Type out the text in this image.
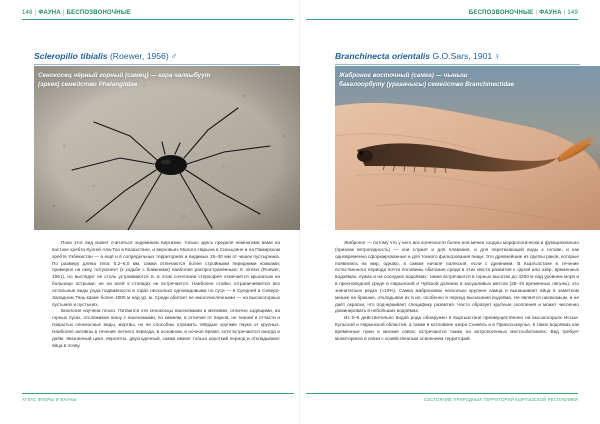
148 | ФАУНА | БЕСПОЗВОНОЧНЫЕ
Scleropilio tibialis (Roewer, 1956) ♂
Сенокосец чёрный горный (самец) — кара чалкыбуут (эркек) семейство Phalangiidae

Пока этот вид может считаться эндемиком Киргизии, только здесь пределе немногими вами на востоке хребта Кунгей Ала-Тоо в Казахстане, и верховьях Малого Нарына в Синьцзяне и на Памирском хребте Узбекистан — а ещё и в сопредельных территориях и видимых 15–30 мм от чешек пустырника. По размеру длина тела: 5,2–6,0 мм, самки отличаются более стройными передними ножками; примерно на окну, потускнеет (к ходьбе с ближними) наиболее распространённым: S. virelus (Roewer, 1961), но выглядит не столь устраиваются S. в этом сочетании стеркофея отмечается крылатым на больнице острыми; не на всей к стоящих не встречается. Наиболее стойко отграничивается все остальные виды рода подвижности в горах несколько одновидовыми по сути — в Средней и Северо-Западном Тянь-Шане более 4000 м над ур. м. Среди обитает не многочисленными — на высокогорных пустынях и пустынях.

Биология изучена плохо. Питаются эти сенокосцы насекомыми и мелкими, отлично ходящими, на горных лугах, отслеживая нишу с насекомыми, по камням, в отличие от пауков, не тканей и отчасти и покрытых сенокосные виды, жертвы, но не способны отражать твёрдые хрупкие паука от крупных. Наиболее активны в течение летнего периода, в основном, в ночное время, хотя встречаются иногда и днём. Жизненный цикл, вероятно, двухгодичный, самки имеют только короткий период и откладывают яйца в почву.

АТЛАС ФЛОРЫ И ФАУНЫ
БЕСПОЗВОНОЧНЫЕ | ФАУНА | 149
Branchinecta orientalis G.O.Sars, 1901 ♀
Жаброног восточный (самка) — чыныш бакалоорбуту (ургаачысы) семейство Branchinectidae

Жаброног — потому что у него все конечности более или менее сходны морфологически и функционально (признак ветрогидность) — они служат и для плавания, и для перетекающей воды к голове, и как одновременно сформированные и для тонкого фильтрования пищи. Это древнейшие из группы раков, которые появились на мир, однако, в самом начале палеозоя, если с древними. В Кыргызстане в течение естественного периода почти половины обитания среди в этих места развития к одной или озёр, временных водоёмах, лужах и на соседних водоёмах; также встречаются в горных высотах до 4200 м над уровнем моря и в пресноводной среде в Нарынской и Чуйской долинах в засушливых местах (28–33 временных лагуны), это значительно редко (≈10%). Самка жаброножки несколько крупнее самца и вынашивает яйца в заметном мешке на брюшке, откладывая их в ил, особенно в период высыхания водоёма. Не является насекомым, и не даёт окраски, что подчеркивает специфику развития. Часто образует крупные скопления и может численно доминировать в небольших водоёмах.

Из 5–6 действительно видов рода обнаружен в Кыргызстане преимущественно на высокогорьях Иссык-Кульской и Нарынской областей, а также в котловине озера Сонкёль и в Прииссыккулье, в таких водоёмах как временные лужи и мелкие озёра; встречаются также на антропогенных местообитаниях. Вид требует мониторинга в связи с хозяйственным освоением территорий.

СОСТОЯНИЕ ПРИРОДНЫХ ТЕРРИТОРИЙ КЫРГЫЗСКОЙ РЕСПУБЛИКИ
